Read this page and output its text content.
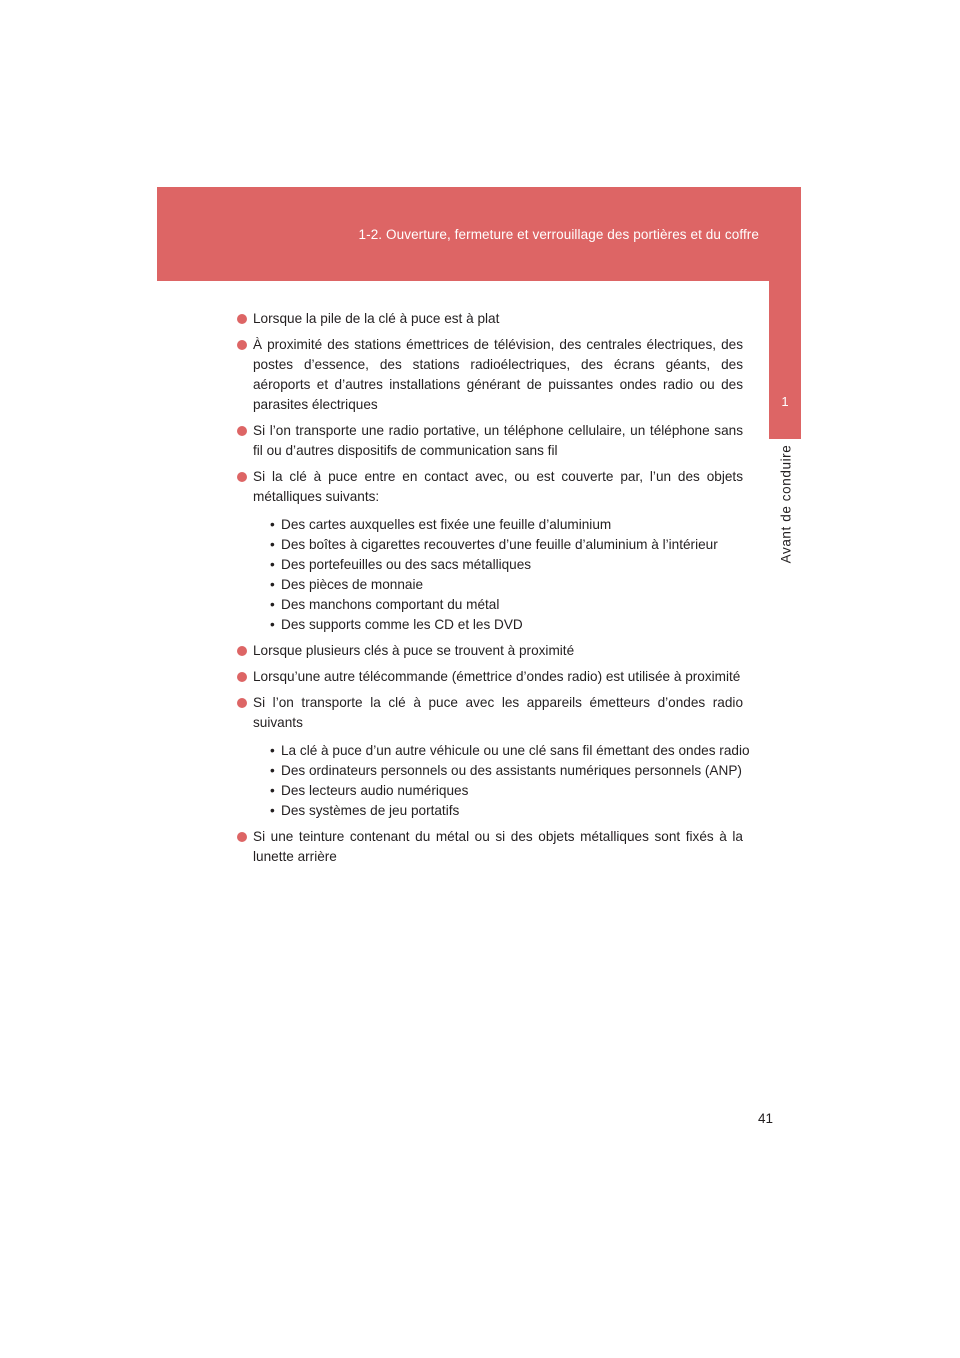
1-2. Ouverture, fermeture et verrouillage des portières et du coffre
1
Avant de conduire
Lorsque la pile de la clé à puce est à plat
À proximité des stations émettrices de télévision, des centrales électriques, des postes d’essence, des stations radioélectriques, des écrans géants, des aéroports et d’autres installations générant de puissantes ondes radio ou des parasites électriques
Si l’on transporte une radio portative, un téléphone cellulaire, un téléphone sans fil ou d’autres dispositifs de communication sans fil
Si la clé à puce entre en contact avec, ou est couverte par, l’un des objets métalliques suivants:
• Des cartes auxquelles est fixée une feuille d’aluminium
• Des boîtes à cigarettes recouvertes d’une feuille d’aluminium à l’intérieur
• Des portefeuilles ou des sacs métalliques
• Des pièces de monnaie
• Des manchons comportant du métal
• Des supports comme les CD et les DVD
Lorsque plusieurs clés à puce se trouvent à proximité
Lorsqu’une autre télécommande (émettrice d’ondes radio) est utilisée à proximité
Si l’on transporte la clé à puce avec les appareils émetteurs d’ondes radio suivants
• La clé à puce d’un autre véhicule ou une clé sans fil émettant des ondes radio
• Des ordinateurs personnels ou des assistants numériques personnels (ANP)
• Des lecteurs audio numériques
• Des systèmes de jeu portatifs
Si une teinture contenant du métal ou si des objets métalliques sont fixés à la lunette arrière
41
